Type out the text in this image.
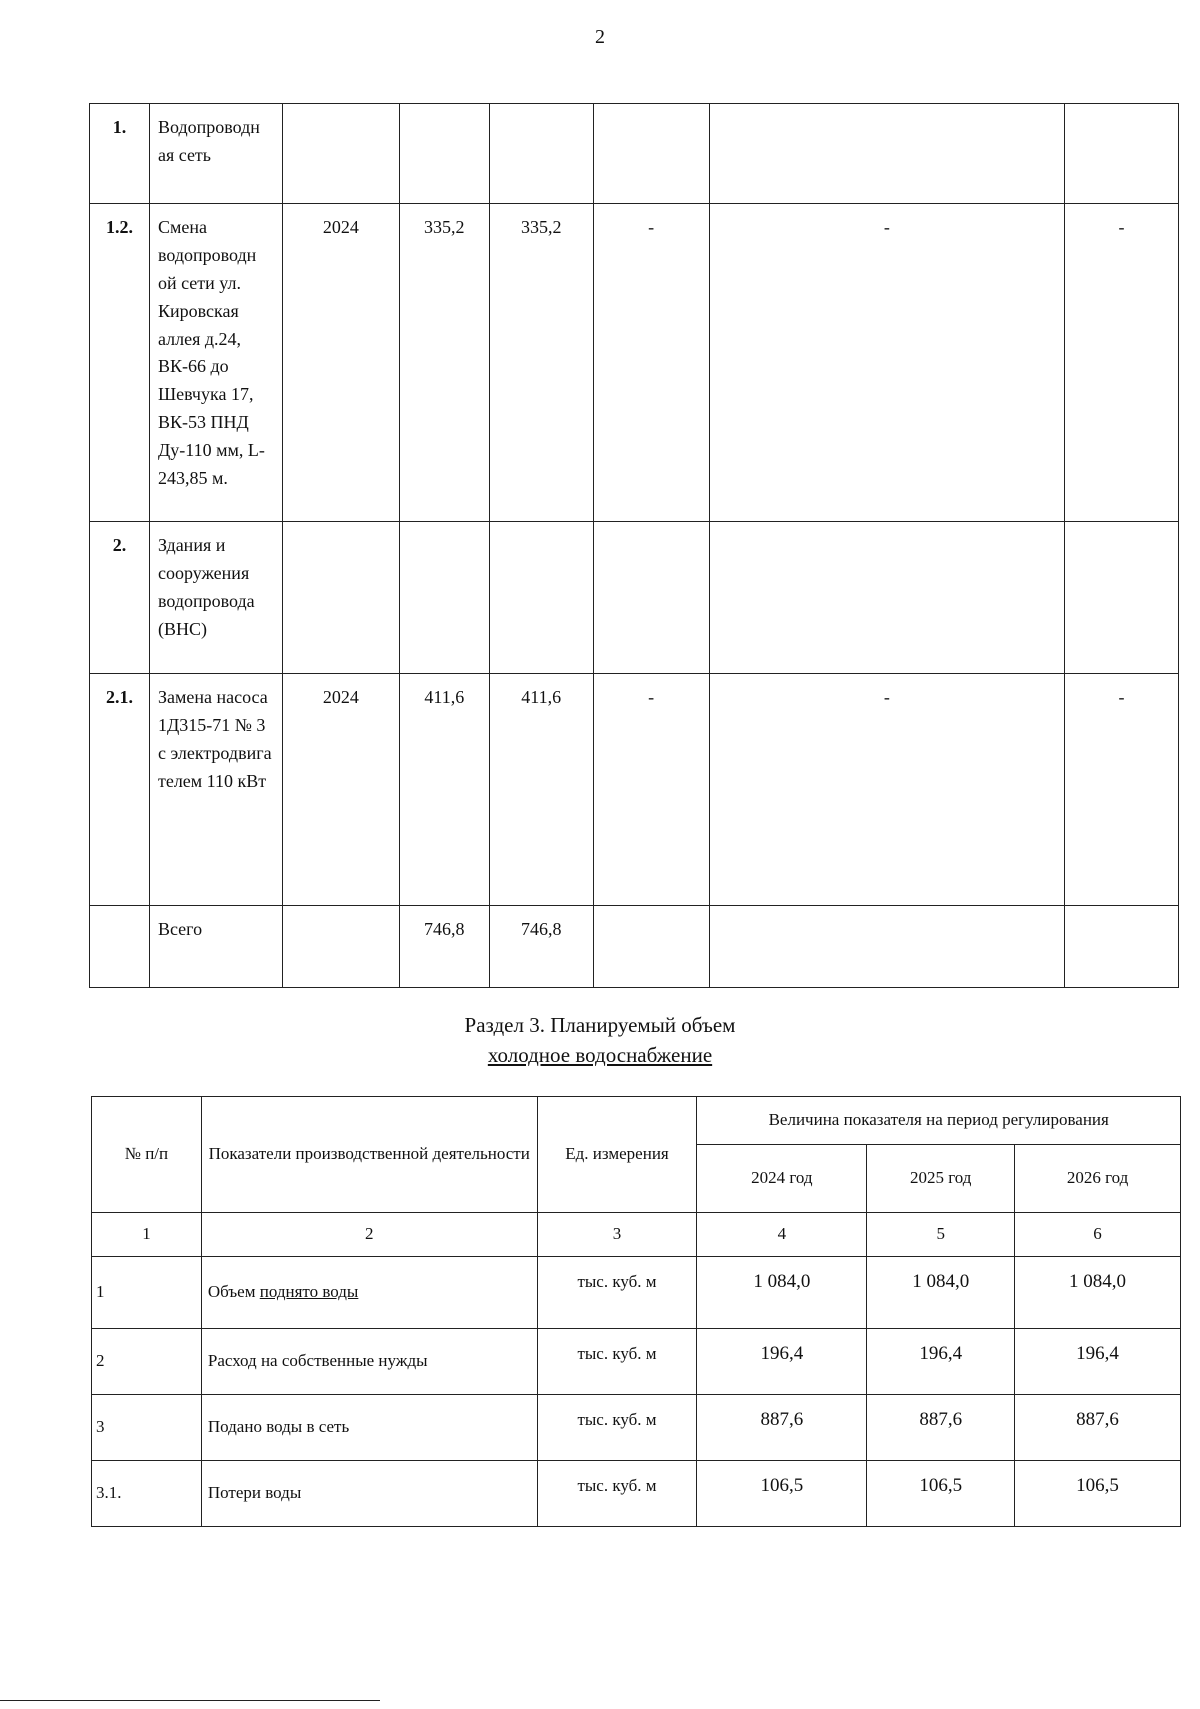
2
1.	Водопроводн ая сеть						
1.2.	Смена водопроводн ой сети ул. Кировская аллея д.24, ВК-66 до Шевчука 17, ВК-53 ПНД Ду-110 мм, L-243,85 м.	2024	335,2	335,2	-	-	-
2.	Здания и сооружения водопровода (ВНС)						
2.1.	Замена насоса 1Д315-71 № 3 с электродвига телем 110 кВт	2024	411,6	411,6	-	-	-
	Всего		746,8	746,8			
Раздел 3. Планируемый объем
холодное водоснабжение
№ п/п	Показатели производственной деятельности	Ед. измерения	Величина показателя на период регулирования		
			2024 год	2025 год	2026 год
1	2	3	4	5	6
1	Объем поднято воды	тыс. куб. м	1 084,0	1 084,0	1 084,0
2	Расход на собственные нужды	тыс. куб. м	196,4	196,4	196,4
3	Подано воды в сеть	тыс. куб. м	887,6	887,6	887,6
3.1.	Потери воды	тыс. куб. м	106,5	106,5	106,5
